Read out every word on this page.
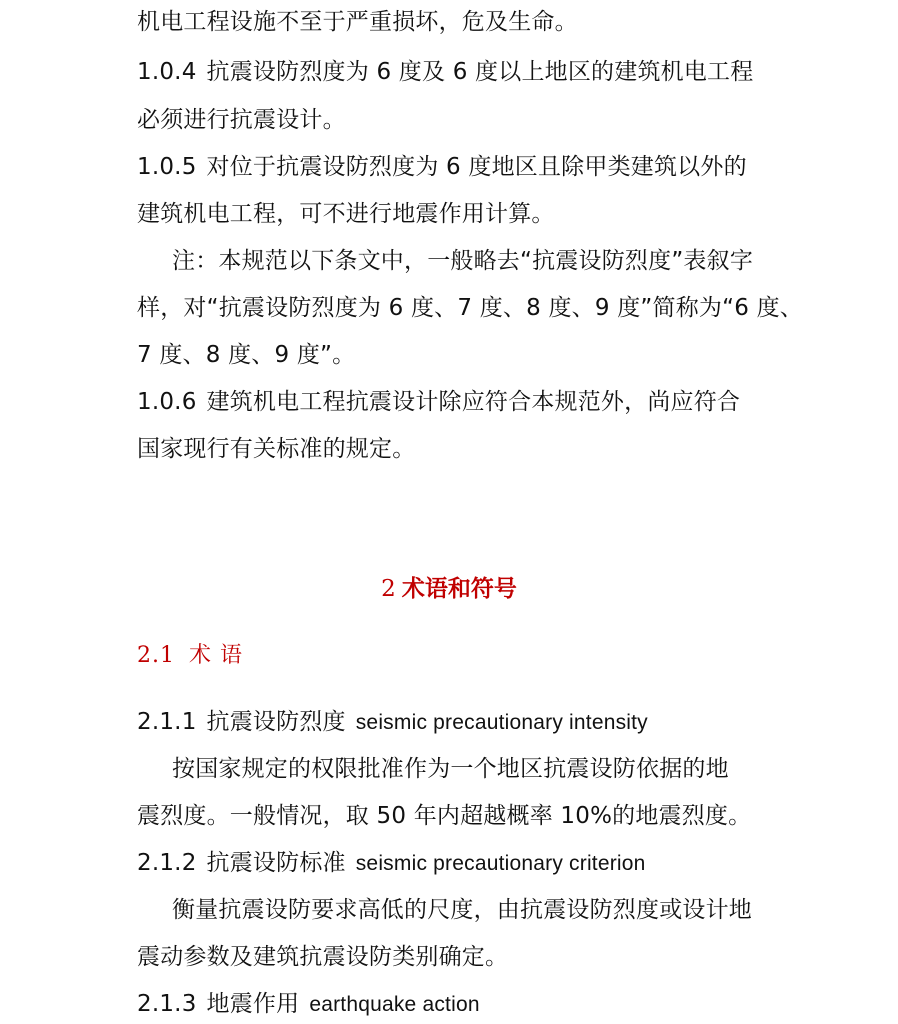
机电工程设施不至于严重损坏，危及生命。
1.0.4 抗震设防烈度为 6 度及 6 度以上地区的建筑机电工程
必须进行抗震设计。
1.0.5 对位于抗震设防烈度为 6 度地区且除甲类建筑以外的
建筑机电工程，可不进行地震作用计算。
注：本规范以下条文中，一般略去“抗震设防烈度”表叙字
样，对“抗震设防烈度为 6 度、7 度、8 度、9 度”简称为“6 度、
7 度、8 度、9 度”。
1.0.6 建筑机电工程抗震设计除应符合本规范外，尚应符合
国家现行有关标准的规定。
2 术语和符号
2.1 术 语
2.1.1 抗震设防烈度 seismic precautionary intensity
按国家规定的权限批准作为一个地区抗震设防依据的地
震烈度。一般情况，取 50 年内超越概率 10%的地震烈度。
2.1.2 抗震设防标准 seismic precautionary criterion
衡量抗震设防要求高低的尺度，由抗震设防烈度或设计地
震动参数及建筑抗震设防类别确定。
2.1.3 地震作用 earthquake action
